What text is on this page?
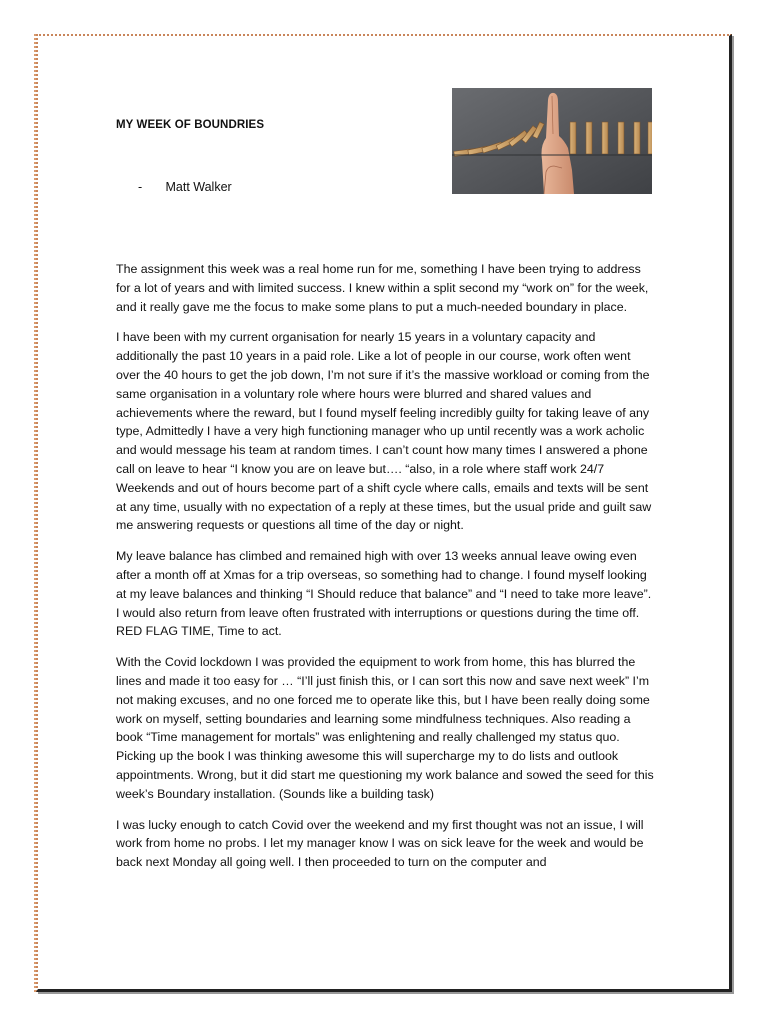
MY WEEK OF BOUNDRIES
- Matt Walker

The assignment this week was a real home run for me, something I have been trying to address for a lot of years and with limited success. I knew within a split second my “work on” for the week, and it really gave me the focus to make some plans to put a much-needed boundary in place.

I have been with my current organisation for nearly 15 years in a voluntary capacity and additionally the past 10 years in a paid role. Like a lot of people in our course, work often went over the 40 hours to get the job down, I’m not sure if it’s the massive workload or coming from the same organisation in a voluntary role where hours were blurred and shared values and achievements where the reward, but I found myself feeling incredibly guilty for taking leave of any type, Admittedly I have a very high functioning manager who up until recently was a work acholic and would message his team at random times. I can’t count how many times I answered a phone call on leave to hear “I know you are on leave but…. “also, in a role where staff work 24/7 Weekends and out of hours become part of a shift cycle where calls, emails and texts will be sent at any time, usually with no expectation of a reply at these times, but the usual pride and guilt saw me answering requests or questions all time of the day or night.

My leave balance has climbed and remained high with over 13 weeks annual leave owing even after a month off at Xmas for a trip overseas, so something had to change. I found myself looking at my leave balances and thinking “I Should reduce that balance” and “I need to take more leave”. I would also return from leave often frustrated with interruptions or questions during the time off. RED FLAG TIME, Time to act.

With the Covid lockdown I was provided the equipment to work from home, this has blurred the lines and made it too easy for … “I’ll just finish this, or I can sort this now and save next week” I’m not making excuses, and no one forced me to operate like this, but I have been really doing some work on myself, setting boundaries and learning some mindfulness techniques. Also reading a book “Time management for mortals” was enlightening and really challenged my status quo. Picking up the book I was thinking awesome this will supercharge my to do lists and outlook appointments. Wrong, but it did start me questioning my work balance and sowed the seed for this week’s Boundary installation. (Sounds like a building task)

I was lucky enough to catch Covid over the weekend and my first thought was not an issue, I will work from home no probs. I let my manager know I was on sick leave for the week and would be back next Monday all going well. I then proceeded to turn on the computer and
